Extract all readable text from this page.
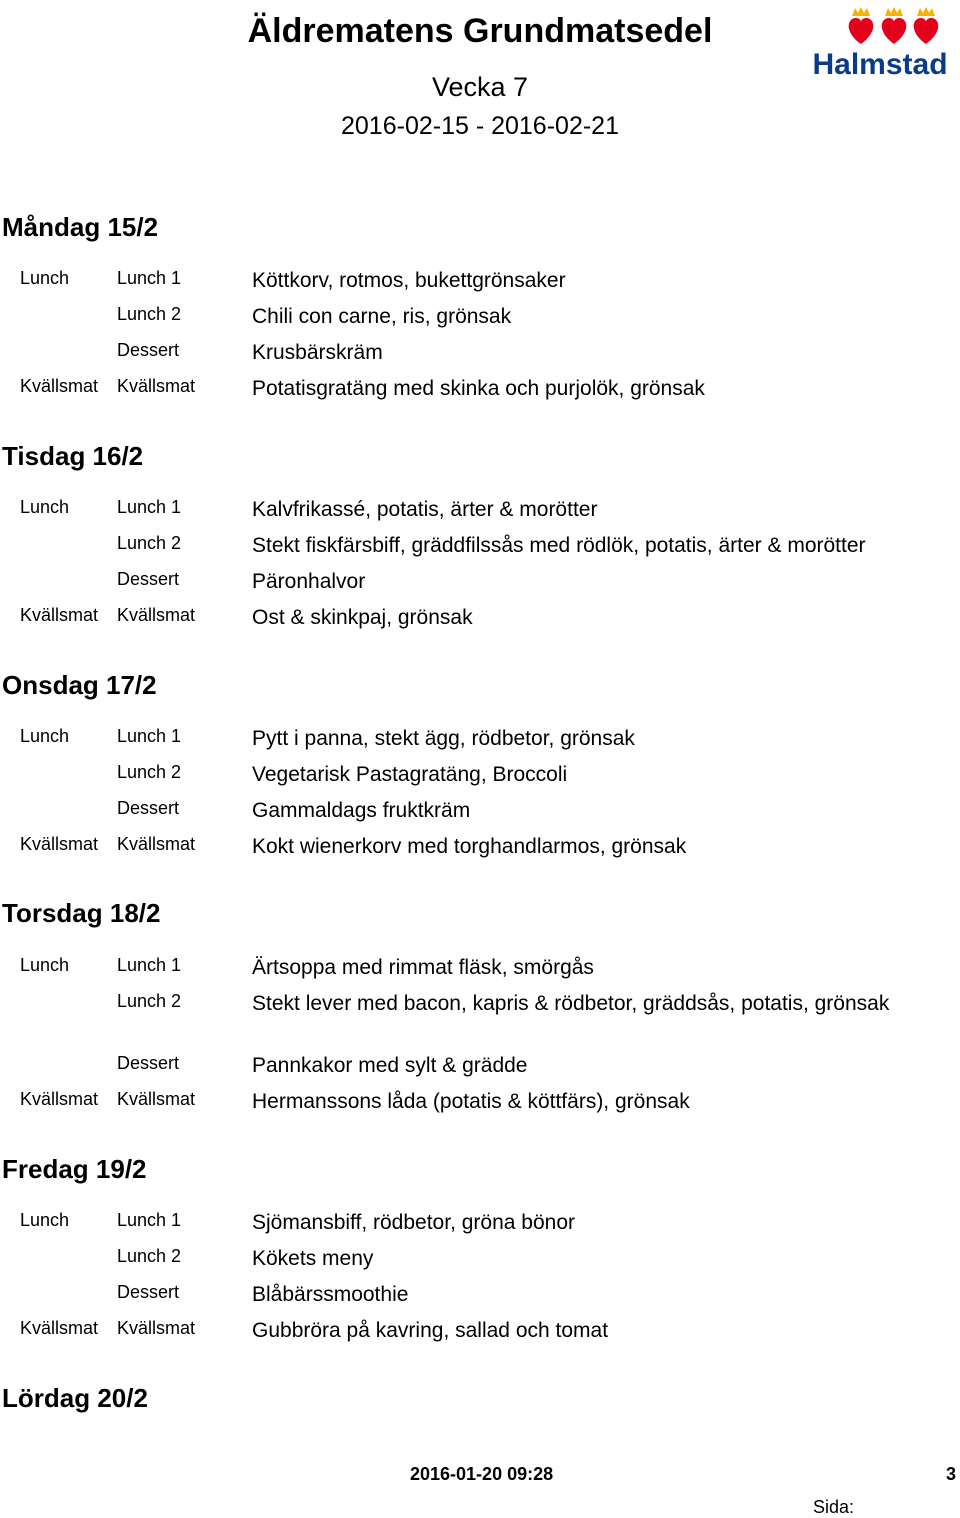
Äldrematens Grundmatsedel
Vecka 7
2016-02-15 - 2016-02-21
Halmstad
Måndag 15/2
Lunch	Lunch 1	Köttkorv, rotmos, bukettgrönsaker
Lunch 2	Chili con carne, ris, grönsak
Dessert	Krusbärskräm
Kvällsmat Kvällsmat	Potatisgratäng med skinka och purjolök, grönsak
Tisdag 16/2
Lunch	Lunch 1	Kalvfrikassé, potatis, ärter & morötter
Lunch 2	Stekt fiskfärsbiff, gräddfilssås med rödlök, potatis, ärter & morötter
Dessert	Päronhalvor
Kvällsmat Kvällsmat	Ost & skinkpaj, grönsak
Onsdag 17/2
Lunch	Lunch 1	Pytt i panna, stekt ägg, rödbetor, grönsak
Lunch 2	Vegetarisk Pastagratäng, Broccoli
Dessert	Gammaldags fruktkräm
Kvällsmat Kvällsmat	Kokt wienerkorv med torghandlarmos, grönsak
Torsdag 18/2
Lunch	Lunch 1	Ärtsoppa med rimmat fläsk, smörgås
Lunch 2	Stekt lever med bacon, kapris & rödbetor, gräddsås, potatis, grönsak
Dessert	Pannkakor med sylt & grädde
Kvällsmat Kvällsmat	Hermanssons låda (potatis & köttfärs), grönsak
Fredag 19/2
Lunch	Lunch 1	Sjömansbiff, rödbetor, gröna bönor
Lunch 2	Kökets meny
Dessert	Blåbärssmoothie
Kvällsmat Kvällsmat	Gubbröra på kavring, sallad och tomat
Lördag 20/2
2016-01-20 09:28	3
Sida:
